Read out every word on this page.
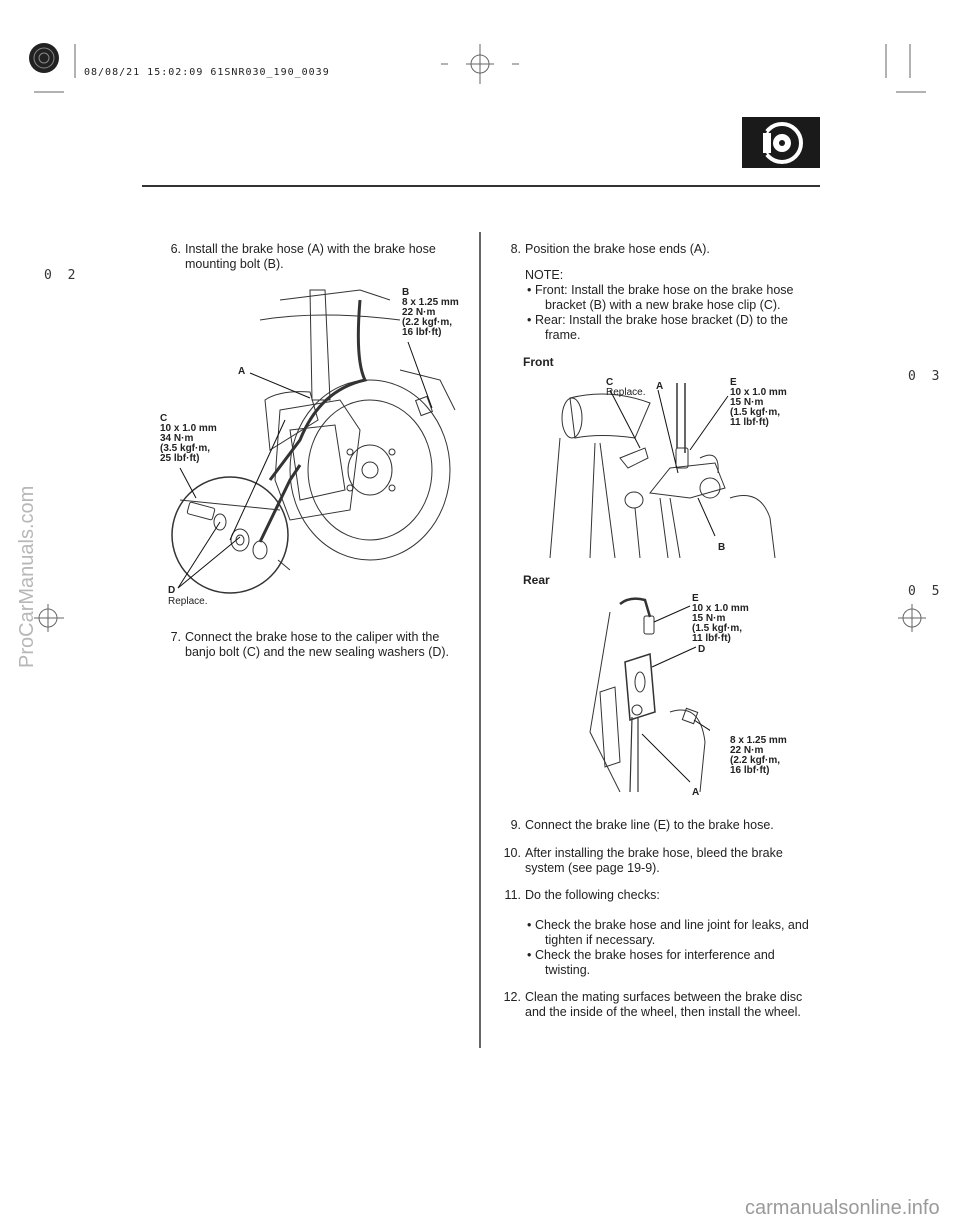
08/08/21 15:02:09 61SNR030_190_0039
0 2
0 3
0 5
ProCarManuals.com
carmanualsonline.info
6. Install the brake hose (A) with the brake hose
mounting bolt (B).
B
8 x 1.25 mm
22 N·m
(2.2 kgf·m,
16 lbf·ft)
A
C
10 x 1.0 mm
34 N·m
(3.5 kgf·m,
25 lbf·ft)
D
Replace.
7. Connect the brake hose to the caliper with the
banjo bolt (C) and the new sealing washers (D).
8. Position the brake hose ends (A).
NOTE:
• Front: Install the brake hose on the brake hose
bracket (B) with a new brake hose clip (C).
• Rear: Install the brake hose bracket (D) to the
frame.
Front
C
Replace.
A	E
10 x 1.0 mm
15 N·m
(1.5 kgf·m,
11 lbf·ft)
B
Rear
E
10 x 1.0 mm
15 N·m
(1.5 kgf·m,
11 lbf·ft)
D
8 x 1.25 mm
22 N·m
(2.2 kgf·m,
16 lbf·ft)
A
9. Connect the brake line (E) to the brake hose.
10. After installing the brake hose, bleed the brake
system (see page 19-9).
11. Do the following checks:
• Check the brake hose and line joint for leaks, and
tighten if necessary.
• Check the brake hoses for interference and
twisting.
12. Clean the mating surfaces between the brake disc
and the inside of the wheel, then install the wheel.
